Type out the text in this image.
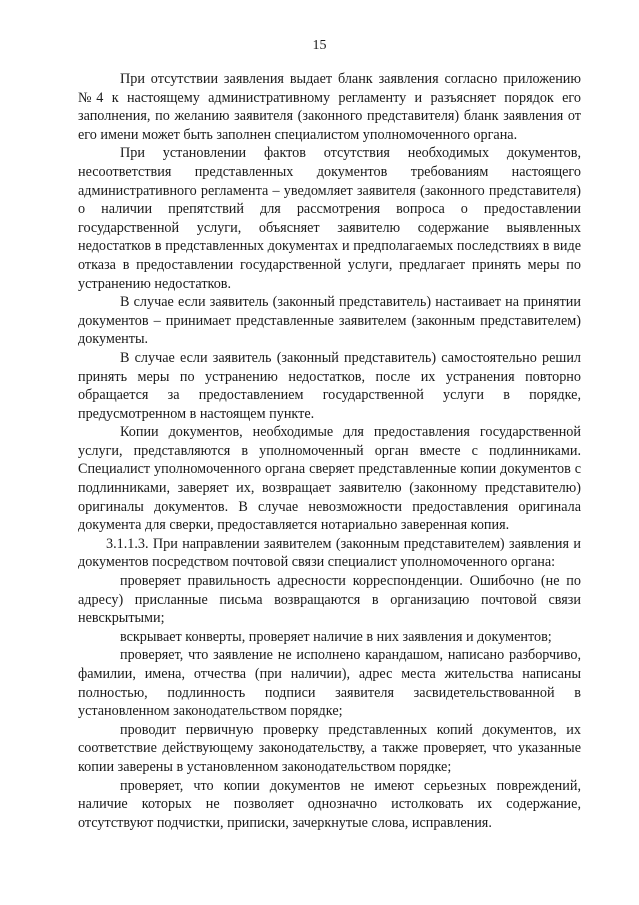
15

При отсутствии заявления выдает бланк заявления согласно приложению №4 к настоящему административному регламенту и разъясняет порядок его заполнения, по желанию заявителя (законного представителя) бланк заявления от его имени может быть заполнен специалистом уполномоченного органа.

При установлении фактов отсутствия необходимых документов, несоответствия представленных документов требованиям настоящего административного регламента – уведомляет заявителя (законного представителя) о наличии препятствий для рассмотрения вопроса о предоставлении государственной услуги, объясняет заявителю содержание выявленных недостатков в представленных документах и предполагаемых последствиях в виде отказа в предоставлении государственной услуги, предлагает принять меры по устранению недостатков.

В случае если заявитель (законный представитель) настаивает на принятии документов – принимает представленные заявителем (законным представителем) документы.

В случае если заявитель (законный представитель) самостоятельно решил принять меры по устранению недостатков, после их устранения повторно обращается за предоставлением государственной услуги в порядке, предусмотренном в настоящем пункте.

Копии документов, необходимые для предоставления государственной услуги, представляются в уполномоченный орган вместе с подлинниками. Специалист уполномоченного органа сверяет представленные копии документов с подлинниками, заверяет их, возвращает заявителю (законному представителю) оригиналы документов. В случае невозможности предоставления оригинала документа для сверки, предоставляется нотариально заверенная копия.

3.1.1.3. При направлении заявителем (законным представителем) заявления и документов посредством почтовой связи специалист уполномоченного органа:

проверяет правильность адресности корреспонденции. Ошибочно (не по адресу) присланные письма возвращаются в организацию почтовой связи невскрытыми;

вскрывает конверты, проверяет наличие в них заявления и документов;

проверяет, что заявление не исполнено карандашом, написано разборчиво, фамилии, имена, отчества (при наличии), адрес места жительства написаны полностью, подлинность подписи заявителя засвидетельствованной в установленном законодательством порядке;

проводит первичную проверку представленных копий документов, их соответствие действующему законодательству, а также проверяет, что указанные копии заверены в установленном законодательством порядке;

проверяет, что копии документов не имеют серьезных повреждений, наличие которых не позволяет однозначно истолковать их содержание, отсутствуют подчистки, приписки, зачеркнутые слова, исправления.
